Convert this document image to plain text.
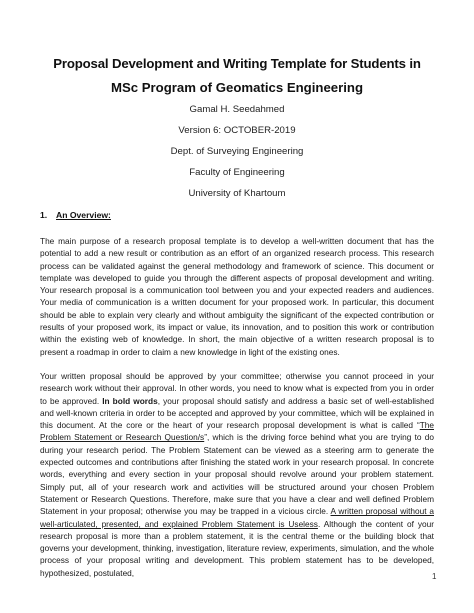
Proposal Development and Writing Template for Students in
MSc Program of Geomatics Engineering
Gamal H. Seedahmed
Version 6: OCTOBER-2019
Dept. of Surveying Engineering
Faculty of Engineering
University of Khartoum
1. An Overview:
The main purpose of a research proposal template is to develop a well-written document that has the potential to add a new result or contribution as an effort of an organized research process. This research process can be validated against the general methodology and framework of science. This document or template was developed to guide you through the different aspects of proposal development and writing. Your research proposal is a communication tool between you and your expected readers and audiences. Your media of communication is a written document for your proposed work. In particular, this document should be able to explain very clearly and without ambiguity the significant of the expected contribution or results of your proposed work, its impact or value, its innovation, and to position this work or contribution within the existing web of knowledge. In short, the main objective of a written research proposal is to present a roadmap in order to claim a new knowledge in light of the existing ones.
Your written proposal should be approved by your committee; otherwise you cannot proceed in your research work without their approval. In other words, you need to know what is expected from you in order to be approved. In bold words, your proposal should satisfy and address a basic set of well-established and well-known criteria in order to be accepted and approved by your committee, which will be explained in this document. At the core or the heart of your research proposal development is what is called “The Problem Statement or Research Question/s”, which is the driving force behind what you are trying to do during your research period. The Problem Statement can be viewed as a steering arm to generate the expected outcomes and contributions after finishing the stated work in your research proposal. In concrete words, everything and every section in your proposal should revolve around your problem statement. Simply put, all of your research work and activities will be structured around your chosen Problem Statement or Research Questions. Therefore, make sure that you have a clear and well defined Problem Statement in your proposal; otherwise you may be trapped in a vicious circle. A written proposal without a well-articulated, presented, and explained Problem Statement is Useless. Although the content of your research proposal is more than a problem statement, it is the central theme or the building block that governs your development, thinking, investigation, literature review, experiments, simulation, and the whole process of your proposal writing and development. This problem statement has to be developed, hypothesized, postulated,	1
